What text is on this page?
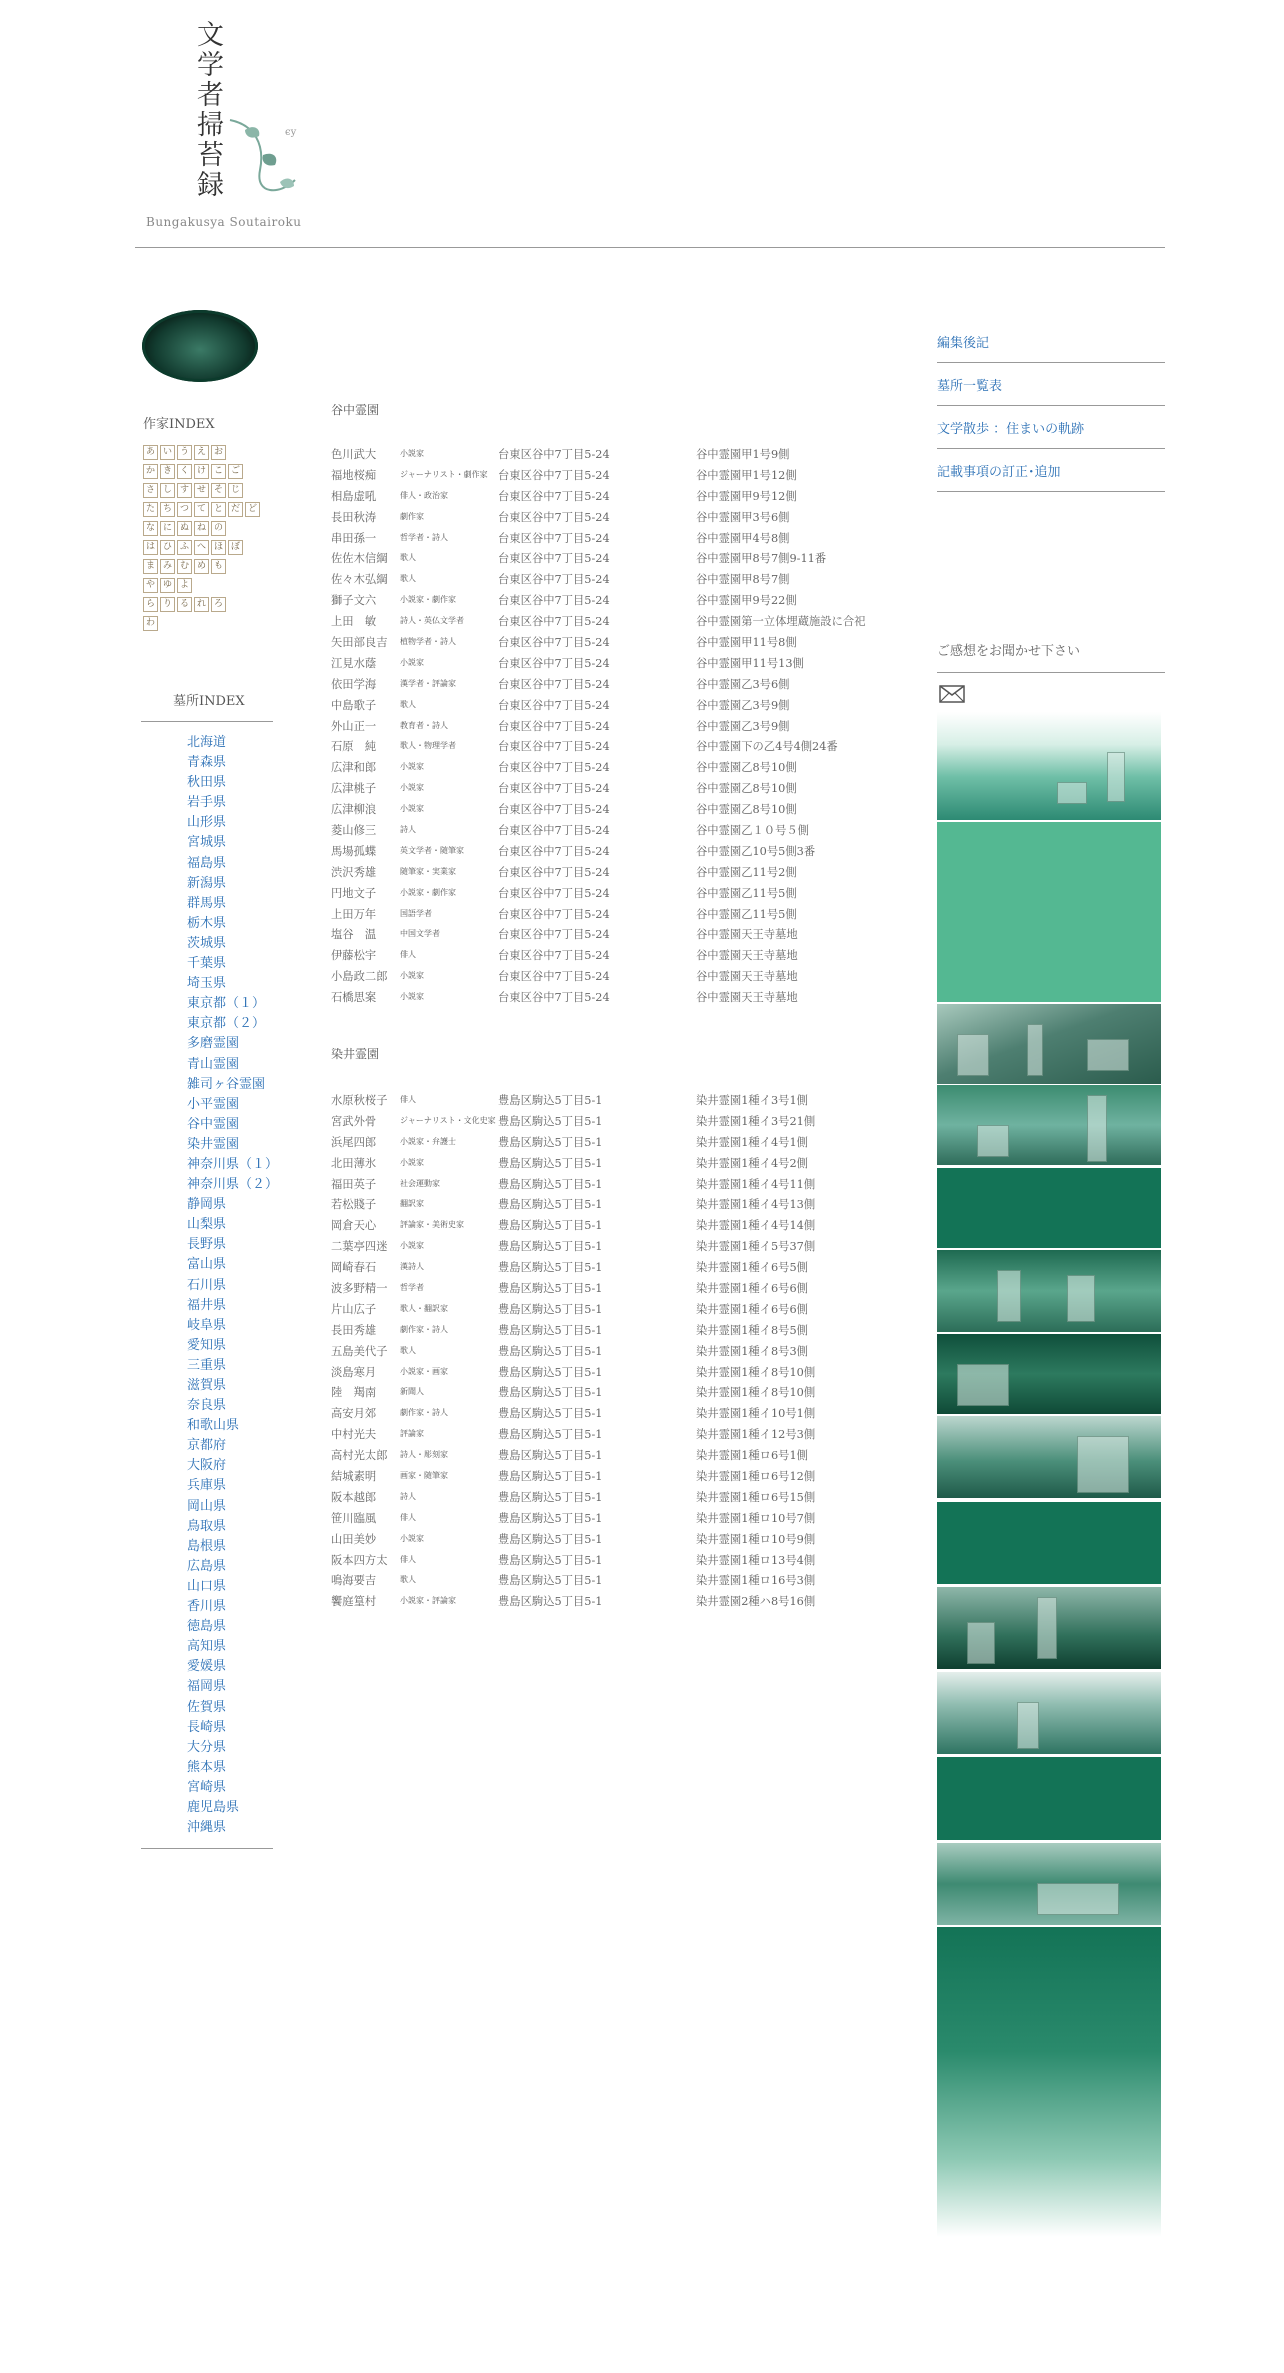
文学者掃苔録	ϵy
Bungakusya Soutairoku
作家INDEX
あ い う え お
か き く け こ ご
さ し す せ そ じ
た ち つ て と だ ど
な に ぬ ね の
は ひ ふ へ ほ ぼ
ま み む め も
や ゆ よ
ら り る れ ろ
わ
墓所INDEX
北海道
青森県
秋田県
岩手県
山形県
宮城県
福島県
新潟県
群馬県
栃木県
茨城県
千葉県
埼玉県
東京都（１）
東京都（２）
多磨霊園
青山霊園
雑司ヶ谷霊園
小平霊園
谷中霊園
染井霊園
神奈川県（１）
神奈川県（２）
静岡県
山梨県
長野県
富山県
石川県
福井県
岐阜県
愛知県
三重県
滋賀県
奈良県
和歌山県
京都府
大阪府
兵庫県
岡山県
鳥取県
島根県
広島県
山口県
香川県
徳島県
高知県
愛媛県
福岡県
佐賀県
長崎県
大分県
熊本県
宮崎県
鹿児島県
沖縄県
谷中霊園
色川武大	小説家	台東区谷中7丁目5-24	谷中霊園甲1号9側
福地桜痴	ジャーナリスト・劇作家 台東区谷中7丁目5-24	谷中霊園甲1号12側
相島虚吼	俳人・政治家	台東区谷中7丁目5-24	谷中霊園甲9号12側
長田秋涛	劇作家	台東区谷中7丁目5-24	谷中霊園甲3号6側
串田孫一	哲学者・詩人	台東区谷中7丁目5-24	谷中霊園甲4号8側
佐佐木信綱 歌人	台東区谷中7丁目5-24	谷中霊園甲8号7側9-11番
佐々木弘綱 歌人	台東区谷中7丁目5-24	谷中霊園甲8号7側
獅子文六	小説家・劇作家	台東区谷中7丁目5-24	谷中霊園甲9号22側
上田　敏	詩人・英仏文学者	台東区谷中7丁目5-24	谷中霊園第一立体埋蔵施設に合祀
矢田部良吉 植物学者・詩人	台東区谷中7丁目5-24	谷中霊園甲11号8側
江見水蔭	小説家	台東区谷中7丁目5-24	谷中霊園甲11号13側
依田学海	漢学者・評論家	台東区谷中7丁目5-24	谷中霊園乙3号6側
中島歌子	歌人	台東区谷中7丁目5-24	谷中霊園乙3号9側
外山正一	教育者・詩人	台東区谷中7丁目5-24	谷中霊園乙3号9側
石原　純	歌人・物理学者	台東区谷中7丁目5-24	谷中霊園下の乙4号4側24番
広津和郎	小説家	台東区谷中7丁目5-24	谷中霊園乙8号10側
広津桃子	小説家	台東区谷中7丁目5-24	谷中霊園乙8号10側
広津柳浪	小説家	台東区谷中7丁目5-24	谷中霊園乙8号10側
菱山修三	詩人	台東区谷中7丁目5-24	谷中霊園乙１０号５側
馬場孤蝶	英文学者・随筆家	台東区谷中7丁目5-24	谷中霊園乙10号5側3番
渋沢秀雄	随筆家・実業家	台東区谷中7丁目5-24	谷中霊園乙11号2側
円地文子	小説家・劇作家	台東区谷中7丁目5-24	谷中霊園乙11号5側
上田万年	国語学者	台東区谷中7丁目5-24	谷中霊園乙11号5側
塩谷　温	中国文学者	台東区谷中7丁目5-24	谷中霊園天王寺墓地
伊藤松宇	俳人	台東区谷中7丁目5-24	谷中霊園天王寺墓地
小島政二郎 小説家	台東区谷中7丁目5-24	谷中霊園天王寺墓地
石橋思案	小説家	台東区谷中7丁目5-24	谷中霊園天王寺墓地
染井霊園
水原秋桜子 俳人	豊島区駒込5丁目5-1	染井霊園1種イ3号1側
宮武外骨	ジャーナリスト・文化史家 豊島区駒込5丁目5-1	染井霊園1種イ3号21側
浜尾四郎	小説家・弁護士	豊島区駒込5丁目5-1	染井霊園1種イ4号1側
北田薄氷	小説家	豊島区駒込5丁目5-1	染井霊園1種イ4号2側
福田英子	社会運動家	豊島区駒込5丁目5-1	染井霊園1種イ4号11側
若松賤子	翻訳家	豊島区駒込5丁目5-1	染井霊園1種イ4号13側
岡倉天心	評論家・美術史家	豊島区駒込5丁目5-1	染井霊園1種イ4号14側
二葉亭四迷 小説家	豊島区駒込5丁目5-1	染井霊園1種イ5号37側
岡崎春石	漢詩人	豊島区駒込5丁目5-1	染井霊園1種イ6号5側
波多野精一 哲学者	豊島区駒込5丁目5-1	染井霊園1種イ6号6側
片山広子	歌人・翻訳家	豊島区駒込5丁目5-1	染井霊園1種イ6号6側
長田秀雄	劇作家・詩人	豊島区駒込5丁目5-1	染井霊園1種イ8号5側
五島美代子 歌人	豊島区駒込5丁目5-1	染井霊園1種イ8号3側
淡島寒月	小説家・画家	豊島区駒込5丁目5-1	染井霊園1種イ8号10側
陸　羯南	新聞人	豊島区駒込5丁目5-1	染井霊園1種イ8号10側
高安月郊	劇作家・詩人	豊島区駒込5丁目5-1	染井霊園1種イ10号1側
中村光夫	評論家	豊島区駒込5丁目5-1	染井霊園1種イ12号3側
高村光太郎 詩人・彫刻家	豊島区駒込5丁目5-1	染井霊園1種ロ6号1側
結城素明	画家・随筆家	豊島区駒込5丁目5-1	染井霊園1種ロ6号12側
阪本越郎	詩人	豊島区駒込5丁目5-1	染井霊園1種ロ6号15側
笹川臨風	俳人	豊島区駒込5丁目5-1	染井霊園1種ロ10号7側
山田美妙	小説家	豊島区駒込5丁目5-1	染井霊園1種ロ10号9側
阪本四方太 俳人	豊島区駒込5丁目5-1	染井霊園1種ロ13号4側
鳴海要吉	歌人	豊島区駒込5丁目5-1	染井霊園1種ロ16号3側
饗庭篁村	小説家・評論家	豊島区駒込5丁目5-1	染井霊園2種ハ8号16側
編集後記
墓所一覧表
文学散歩 ：住まいの軌跡
記載事項の訂正･追加
ご感想をお聞かせ下さい
